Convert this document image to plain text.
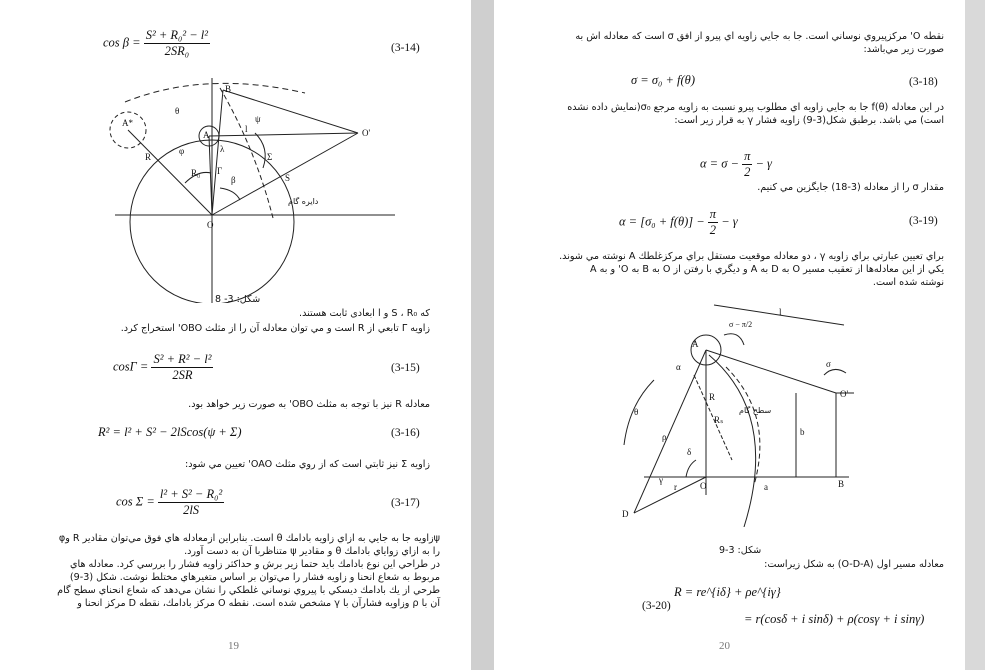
$\cos \beta = \frac{\text{S² + R₀² − l²}}{\text{2SR₀}}$	(3-14)
B
A*
A	O'
O
R
R₀	S
l
θ
φ	λ
ψ
β
Γ
Σ
دایره گام
شکل: 3- 8
که S ، R₀ و l ابعادی ثابت هستند.
زاويه Γ تابعي از R است و مي توان معادله آن را از مثلث OBO' استخراج كرد.
$\cos\Gamma = \frac{\text{S² + R² − l²}}{2SR}$	(3-15)
معادله R نيز با توجه به مثلث OBO' به صورت زير خواهد بود.
R² = l² + S² − 2lScos(ψ + Σ)	(3-16)
زاويه Σ نيز ثابتي است كه از روي مثلث OAO' تعيين مي شود:
$\cos \Sigma = \frac{\text{l² + S² − R₀²}}{2lS}$	(3-17)
ψزاويه جا به جايي به ازاي زاويه بادامك θ است. بنابراين ازمعادله هاي فوق مي‌توان مقادير R وφ
را به ازاي زواياي بادامك θ و مقادير ψ متناظربا آن به دست آورد.
در طراحي اين نوع بادامك بايد حتما زير برش و حداكثر زاويه فشار را بررسي كرد. معادله هاي
مربوط به شعاع انحنا و زاويه فشار را مي‌توان بر اساس متغيرهاي مختلط نوشت. شكل (3-9)
طرحي از يك بادامك ديسكي با پيروي نوساني غلطكي را نشان مي‌دهد كه شعاع انحناي سطح گام
آن با ρ وزاويه فشارآن با γ مشخص شده است. نقطه O مركز بادامك، نقطه D مركز انحنا و
19
نقطه O' مركزپيروي نوساني است. جا به جايي زاويه اي پيرو از افق σ است كه معادله اش به
صورت زير مي‌باشد:
σ = σ₀ + f(θ)	(3-18)
در اين معادله f(θ) جا به جايي زاويه اي مطلوب پيرو نسبت به زاويه مرجع σ₀(نمايش داده نشده
است) مي باشد. برطبق شكل(3-9) زاويه فشار γ به قرار زير است:
$\alpha = \sigma - \frac{\pi}{2} - \gamma$
مقدار σ را از معادله (3-18) جايگزين مي كنيم.
$\alpha = [\sigma_0 + f(\theta)] - \frac{\pi}{2} - \gamma$	(3-19)
براي تعيين عبارتي براي زاويه γ ، دو معادله موقعيت مستقل براي مركزغلطك A نوشته مي شوند.
يكي از اين معادله‌ها از تعقيب مسير O به D به A و ديگري با رفتن از O به B به O' و به A
نوشته شده است.
A
O'
O	B
D
R
Rₛ
r
l
a
b
ρ
θ
δ
γ
α	σ
σ − π/2
سطح گام
شكل: 3-9
معادله مسير اول (O-D-A) به شكل زيراست:
R = re^{iδ} + ρe^{iγ}
(3-20)
= r(cosδ + i sinδ) + ρ(cosγ + i sinγ)
20
